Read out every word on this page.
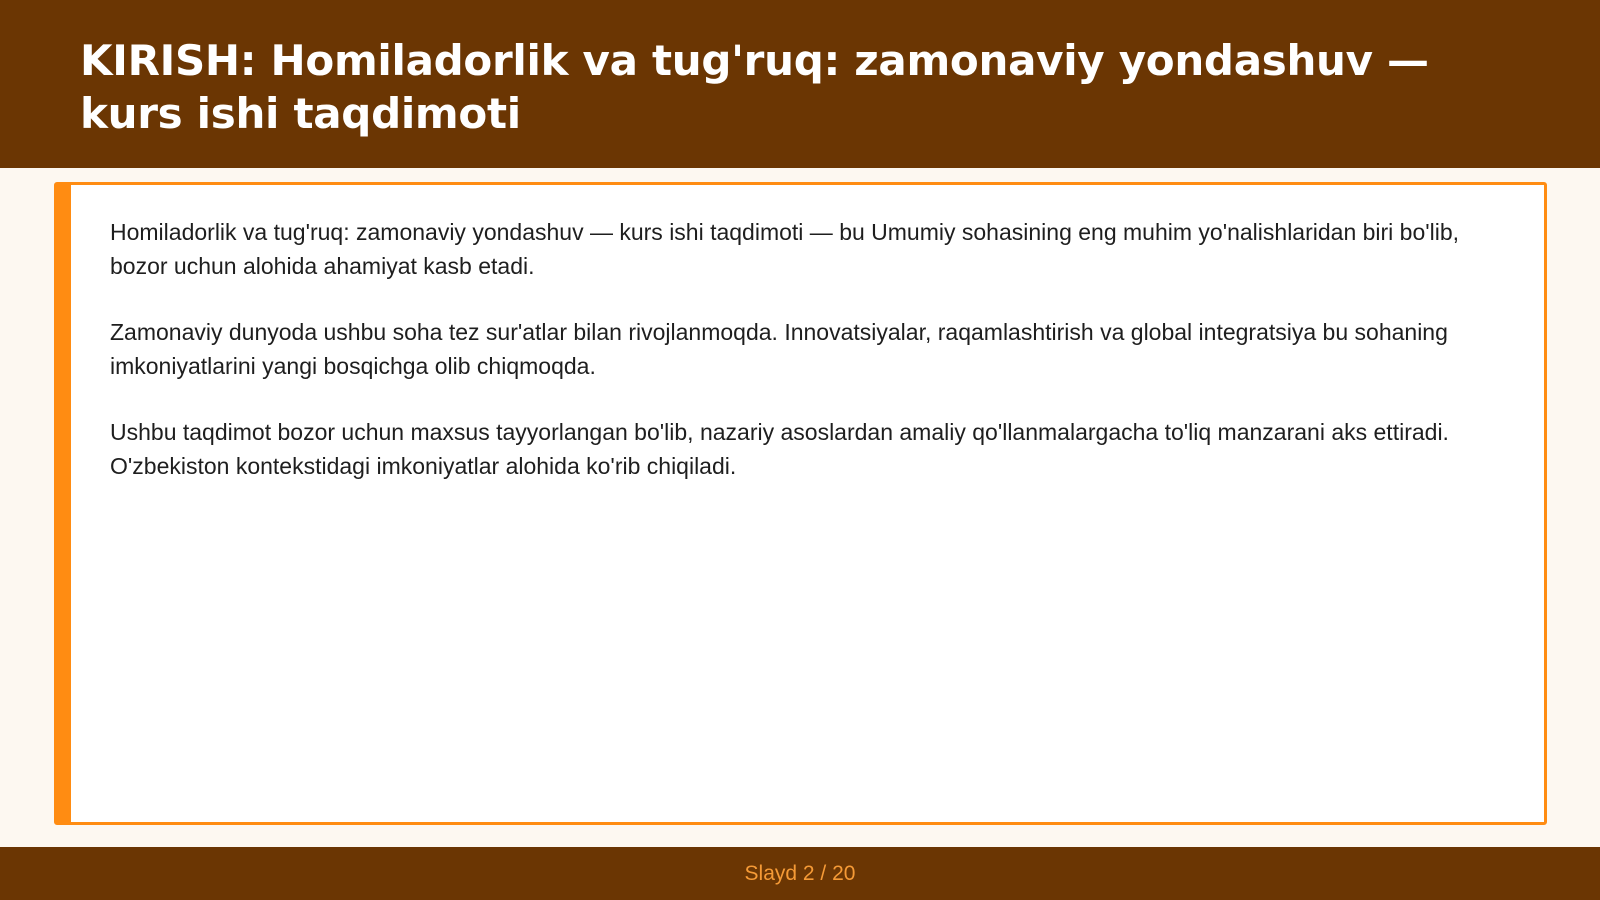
KIRISH: Homiladorlik va tug'ruq: zamonaviy yondashuv — kurs ishi taqdimoti

Homiladorlik va tug'ruq: zamonaviy yondashuv — kurs ishi taqdimoti — bu Umumiy sohasining eng muhim yo'nalishlaridan biri bo'lib, bozor uchun alohida ahamiyat kasb etadi.

Zamonaviy dunyoda ushbu soha tez sur'atlar bilan rivojlanmoqda. Innovatsiyalar, raqamlashtirish va global integratsiya bu sohaning imkoniyatlarini yangi bosqichga olib chiqmoqda.

Ushbu taqdimot bozor uchun maxsus tayyorlangan bo'lib, nazariy asoslardan amaliy qo'llanmalargacha to'liq manzarani aks ettiradi. O'zbekiston kontekstidagi imkoniyatlar alohida ko'rib chiqiladi.

Slayd 2 / 20
